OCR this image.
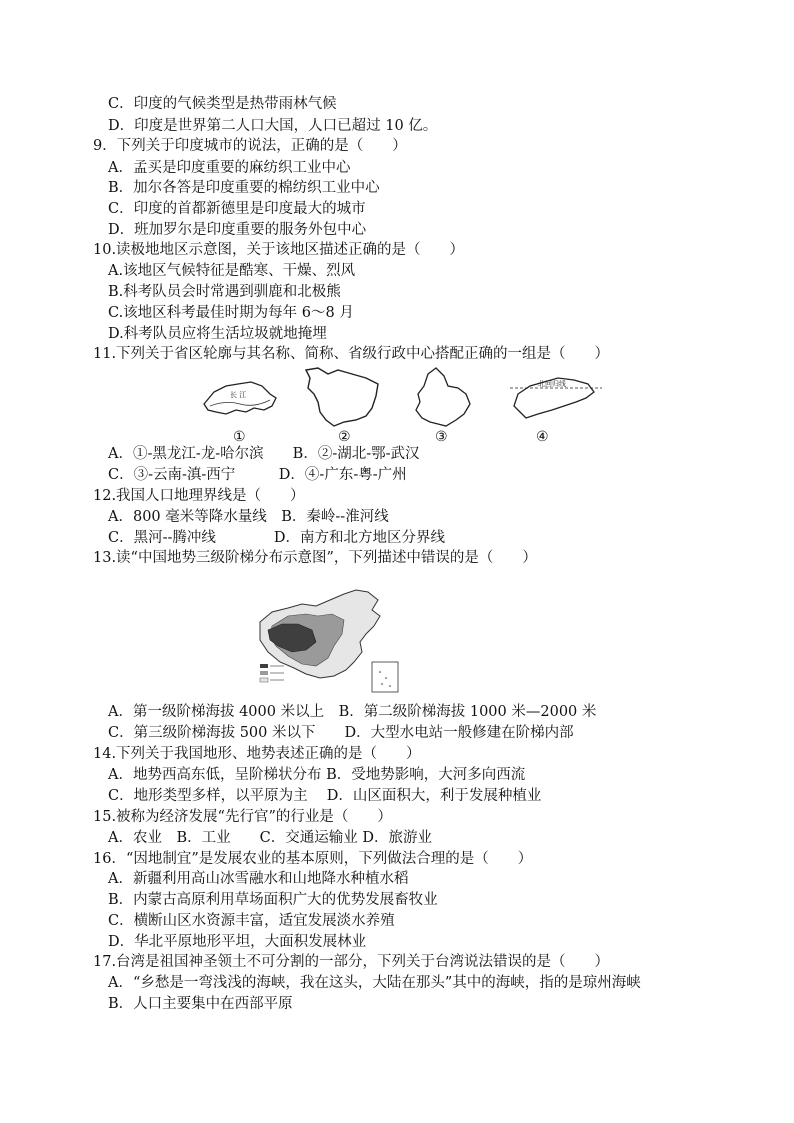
C．印度的气候类型是热带雨林气候
D．印度是世界第二人口大国，人口已超过 10 亿。
9．下列关于印度城市的说法，正确的是（　　）
A．孟买是印度重要的麻纺织工业中心
B．加尔各答是印度重要的棉纺织工业中心
C．印度的首都新德里是印度最大的城市
D．班加罗尔是印度重要的服务外包中心
10.读极地地区示意图，关于该地区描述正确的是（　　）
A.该地区气候特征是酷寒、干燥、烈风
B.科考队员会时常遇到驯鹿和北极熊
C.该地区科考最佳时期为每年 6～8 月
D.科考队员应将生活垃圾就地掩埋
11.下列关于省区轮廓与其名称、简称、省级行政中心搭配正确的一组是（　　）
长 江
北回归线
①	②	③	④
A．①-黑龙江-龙-哈尔滨　　B．②-湖北-鄂-武汉
C．③-云南-滇-西宁　　　D．④-广东-粤-广州
12.我国人口地理界线是（　　）
A．800 毫米等降水量线　B．秦岭--淮河线
C．黑河--腾冲线　　　　D．南方和北方地区分界线
13.读“中国地势三级阶梯分布示意图”，下列描述中错误的是（　　）
A．第一级阶梯海拔 4000 米以上　B．第二级阶梯海拔 1000 米—2000 米
C．第三级阶梯海拔 500 米以下　　D．大型水电站一般修建在阶梯内部
14.下列关于我国地形、地势表述正确的是（　　）
A．地势西高东低，呈阶梯状分布 B．受地势影响，大河多向西流
C．地形类型多样，以平原为主　 D．山区面积大，利于发展种植业
15.被称为经济发展“先行官”的行业是（　　）
A．农业　B．工业　　C．交通运输业 D．旅游业
16．“因地制宜”是发展农业的基本原则，下列做法合理的是（　　）
A．新疆利用高山冰雪融水和山地降水种植水稻
B．内蒙古高原利用草场面积广大的优势发展畜牧业
C．横断山区水资源丰富，适宜发展淡水养殖
D．华北平原地形平坦，大面积发展林业
17.台湾是祖国神圣领土不可分割的一部分，下列关于台湾说法错误的是（　　）
A．“乡愁是一弯浅浅的海峡，我在这头，大陆在那头”其中的海峡，指的是琼州海峡
B．人口主要集中在西部平原
